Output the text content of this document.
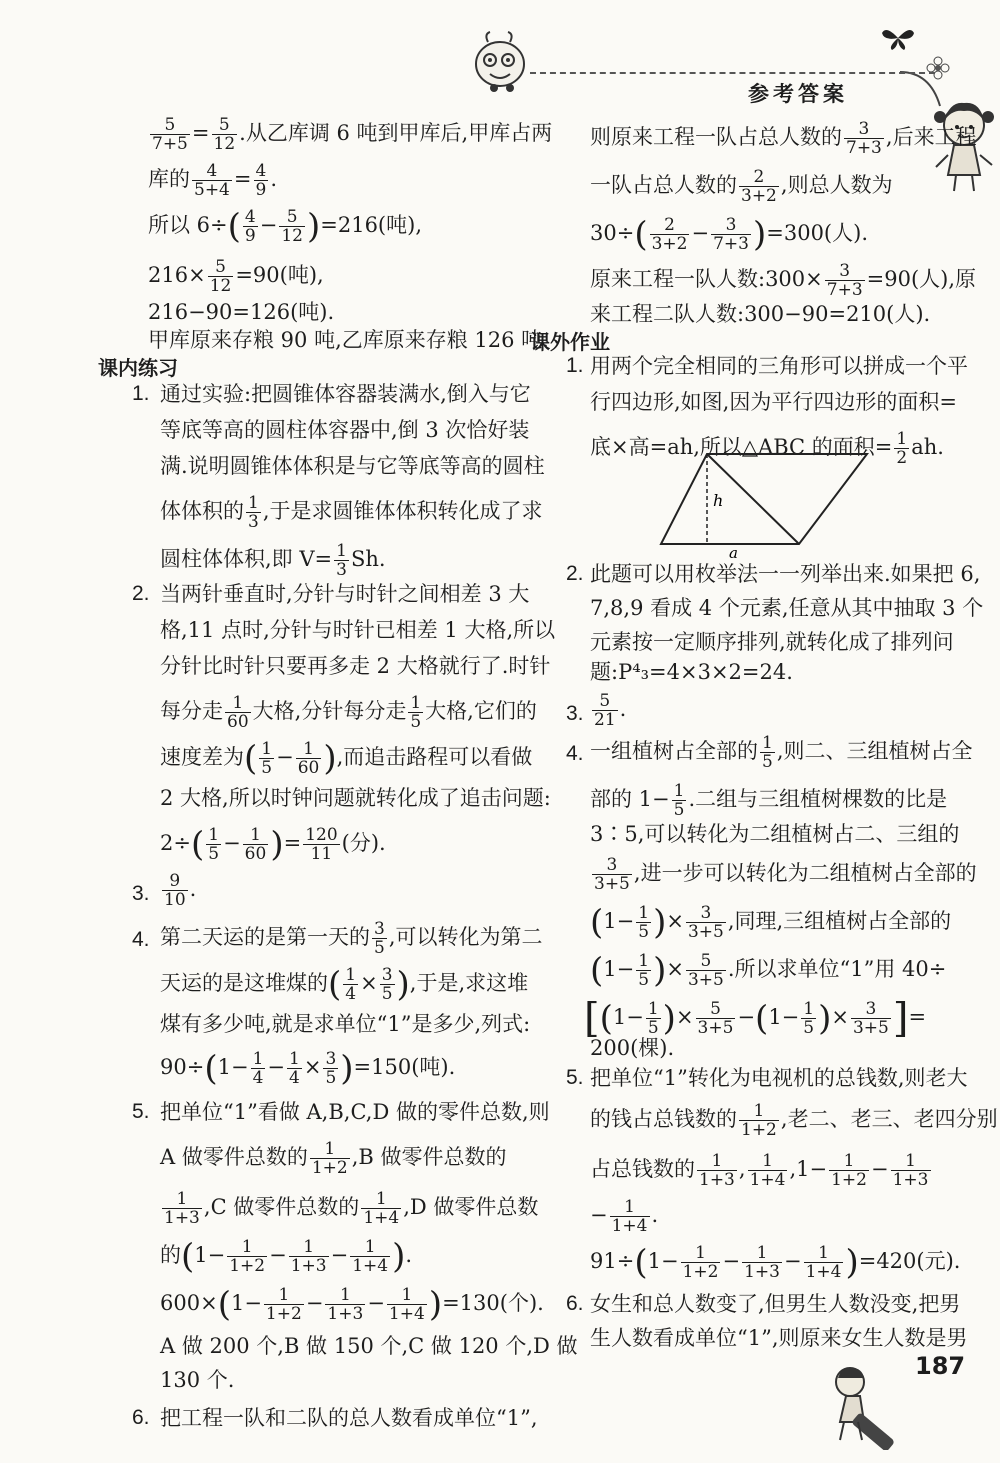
参考答案
$\frac{5}{7+5} = \frac{5}{12}$ .从乙库调 6 吨到甲库后,甲库占两
库的 $\frac{4}{5+4} = \frac{4}{9}$ .
所以 $6\div( \frac{4}{9} - \frac{5}{12} )=216$(吨),
$216\times \frac{5}{12} =90$(吨),
216−90=126(吨).
甲库原来存粮 90 吨,乙库原来存粮 126 吨.
课内练习
1. 通过实验:把圆锥体容器装满水,倒入与它
等底等高的圆柱体容器中,倒 3 次恰好装
满.说明圆锥体体积是与它等底等高的圆柱
体体积的 $\frac{1}{3}$ ,于是求圆锥体体积转化成了求
圆柱体体积,即 $V= \frac{1}{3} Sh$.
2. 当两针垂直时,分针与时针之间相差 3 大
格,11 点时,分针与时针已相差 1 大格,所以
分针比时针只要再多走 2 大格就行了.时针
每分走 $\frac{1}{60}$ 大格,分针每分走 $\frac{1}{5}$ 大格,它们的
速度差为( $\frac{1}{5} - \frac{1}{60}$ ),而追击路程可以看做
2 大格,所以时钟问题就转化成了追击问题:
$2\div( \frac{1}{5} - \frac{1}{60}$ )= $\frac{120}{11}$ (分).
3. $\frac{9}{10}$ .
4. 第二天运的是第一天的 $\frac{3}{5}$ ,可以转化为第二
天运的是这堆煤的( $\frac{1}{4} \times \frac{3}{5}$ ),于是,求这堆
煤有多少吨,就是求单位“1”是多少,列式:
$90\div(1- \frac{1}{4} - \frac{1}{4} \times \frac{3}{5} )=150$(吨).
5. 把单位“1”看做 A,B,C,D 做的零件总数,则
A 做零件总数的 $\frac{1}{1+2} ,B$ 做零件总数的
$\frac{1}{1+3} ,C$ 做零件总数的 $\frac{1}{1+4} ,D$ 做零件总数
的($1- \frac{1}{1+2} - \frac{1}{1+3} - \frac{1}{1+4}$ ).
$600\times(1- \frac{1}{1+2} - \frac{1}{1+3} - \frac{1}{1+4} )=130$(个).
A 做 200 个,B 做 150 个,C 做 120 个,D 做
130 个.
6. 把工程一队和二队的总人数看成单位“1”,
则原来工程一队占总人数的 $\frac{3}{7+3}$ ,后来工程
一队占总人数的 $\frac{2}{3+2}$ ,则总人数为
$30\div( \frac{2}{3+2} - \frac{3}{7+3} )=300$(人).
原来工程一队人数:300× $\frac{3}{7+3} =90$(人),原
来工程二队人数:300−90=210(人).
课外作业
1. 用两个完全相同的三角形可以拼成一个平
行四边形,如图,因为平行四边形的面积=
底×高=ah,所以△ABC 的面积= $\frac{1}{2}$ ah.
h
a
2. 此题可以用枚举法一一列举出来.如果把 6,
7,8,9 看成 4 个元素,任意从其中抽取 3 个
元素按一定顺序排列,就转化成了排列问
题:P⁴₃=4×3×2=24.
3. $\frac{5}{21}$ .
4. 一组植树占全部的 $\frac{1}{5}$ ,则二、三组植树占全
部的 $1- \frac{1}{5}$ .二组与三组植树棵数的比是
3∶5,可以转化为二组植树占二、三组的
$\frac{3}{3+5}$ ,进一步可以转化为二组植树占全部的
($1- \frac{1}{5}$ )× $\frac{3}{3+5}$ ,同理,三组植树占全部的
($1- \frac{1}{5}$ )× $\frac{5}{3+5}$ .所以求单位“1”用 40÷
[($1- \frac{1}{5}$ )× $\frac{5}{3+5} -(1- \frac{1}{5}$ )× $\frac{3}{3+5}$ ]=
200(棵).
5. 把单位“1”转化为电视机的总钱数,则老大
的钱占总钱数的 $\frac{1}{1+2}$ ,老二、老三、老四分别
占总钱数的 $\frac{1}{1+3}$ , $\frac{1}{1+4} ,1- \frac{1}{1+2} - \frac{1}{1+3}$
− $\frac{1}{1+4}$ .
$91\div(1- \frac{1}{1+2} - \frac{1}{1+3} - \frac{1}{1+4} )=420$(元).
6. 女生和总人数变了,但男生人数没变,把男
生人数看成单位“1”,则原来女生人数是男
187
